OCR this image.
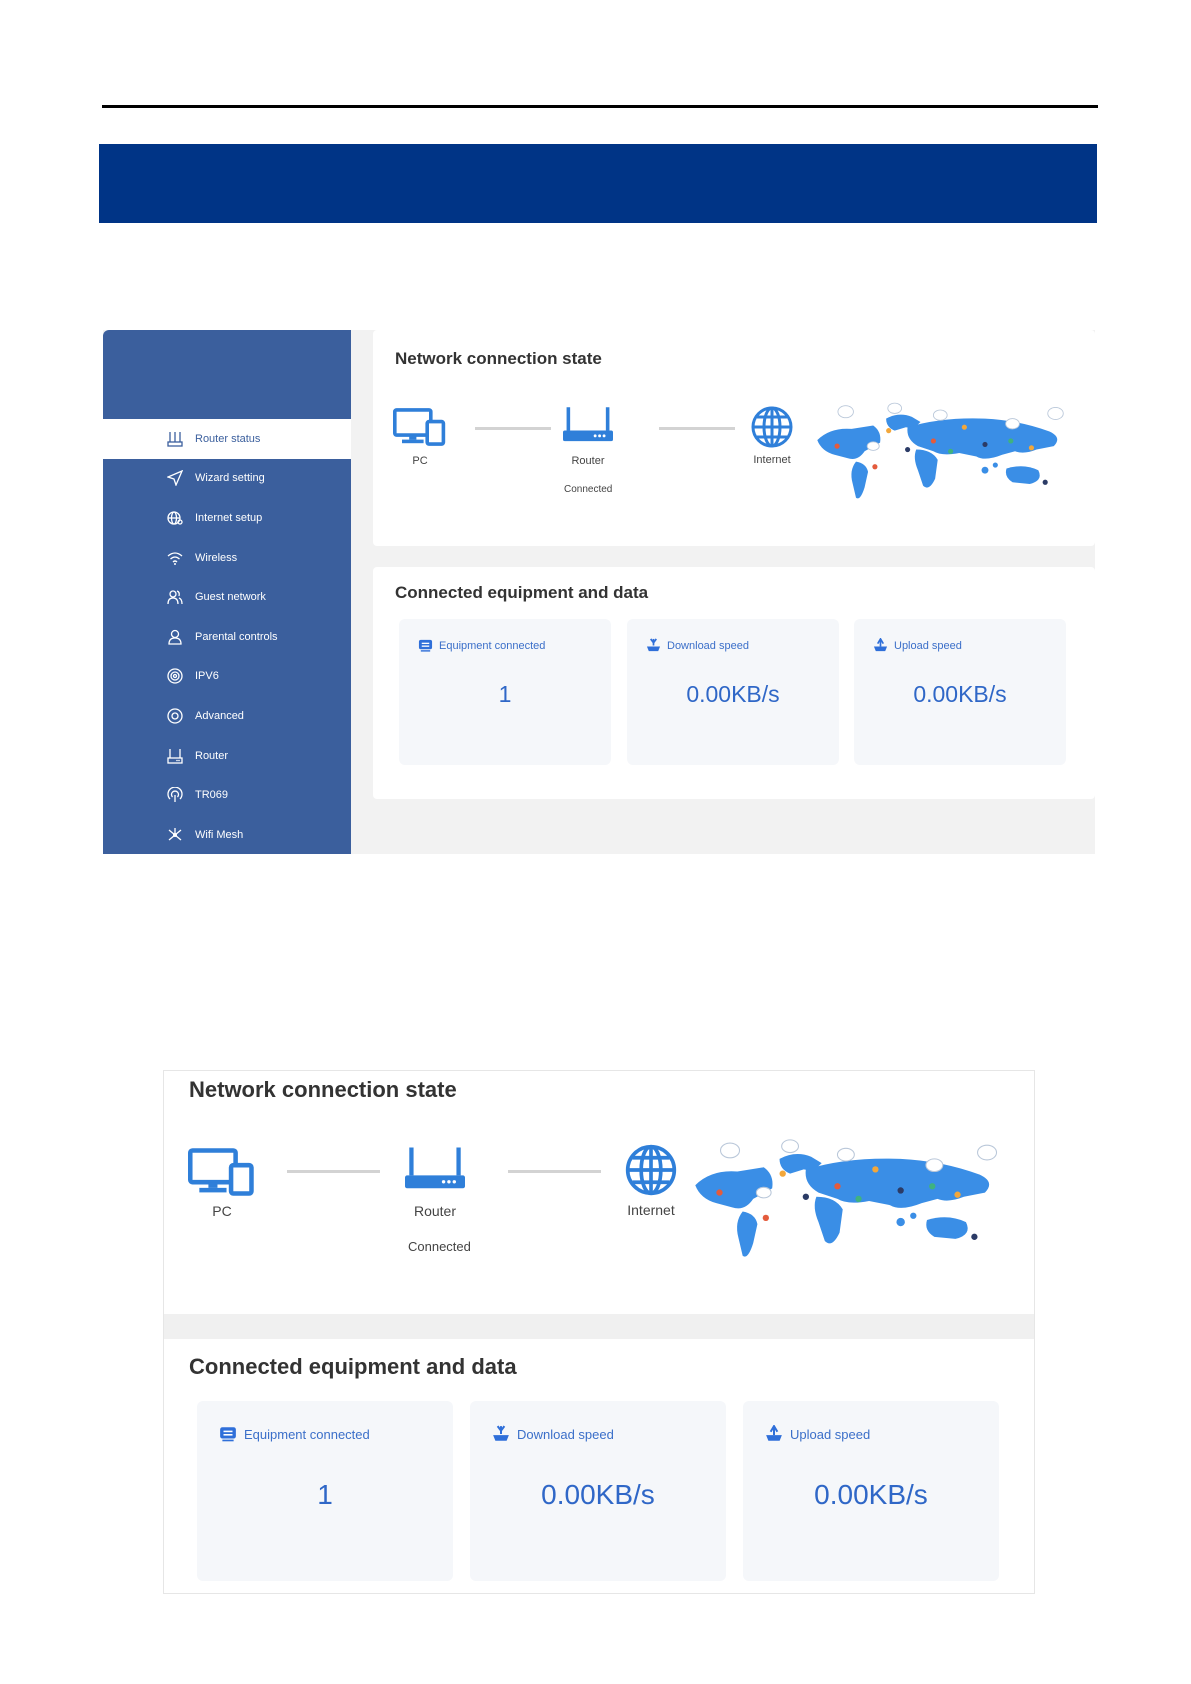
Router status
Wizard setting
Internet setup
Wireless
Guest network
Parental controls
IPV6
Advanced
Router
TR069
Wifi Mesh
Network connection state
PC	Router
Connected
Internet
Connected equipment and data
Equipment connected
1
Download speed
0.00KB/s
Upload speed
0.00KB/s
Network connection state
PC	Router
Connected
Internet
Connected equipment and data
Equipment connected
1
Download speed
0.00KB/s
Upload speed
0.00KB/s
